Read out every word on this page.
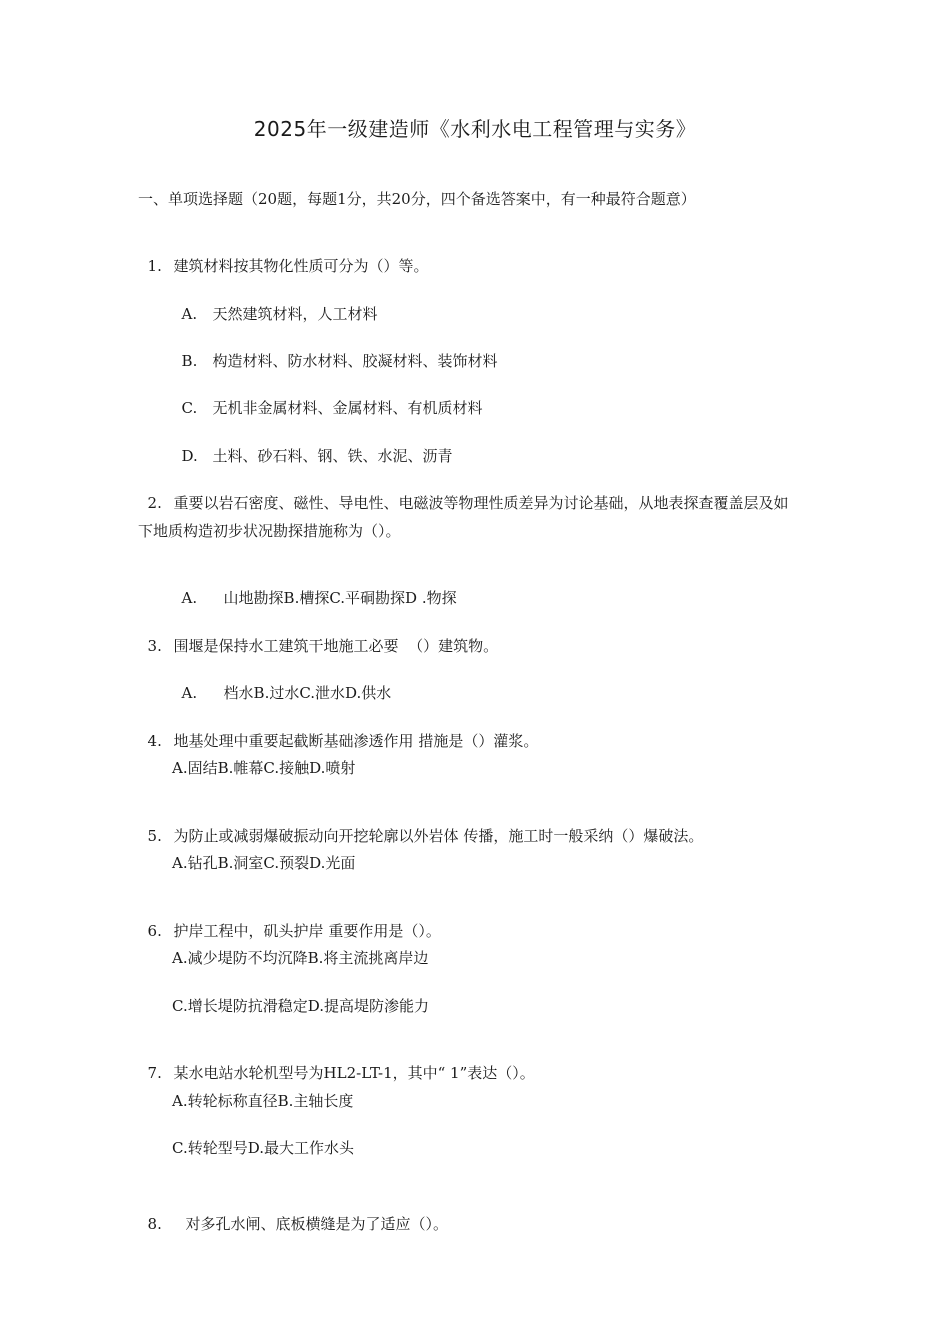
2025年一级建造师《水利水电工程管理与实务》
一、单项选择题（20题，每题1分，共20分，四个备选答案中，有一种最符合题意）

1. 建筑材料按其物化性质可分为（）等。

A. 天然建筑材料，人工材料

B. 构造材料、防水材料、胶凝材料、装饰材料

C. 无机非金属材料、金属材料、有机质材料

D. 土料、砂石料、钢、铁、水泥、沥青

2. 重要以岩石密度、磁性、导电性、电磁波等物理性质差异为讨论基础，从地表探查覆盖层及如

下地质构造初步状况勘探措施称为（）。

A. 山地勘探B.槽探C.平硐勘探D .物探

3. 围堰是保持水工建筑干地施工必要  （）建筑物。

A. 档水B.过水C.泄水D.供水

4. 地基处理中重要起截断基础渗透作用 措施是（）灌浆。

A.固结B.帷幕C.接触D.喷射

5. 为防止或减弱爆破振动向开挖轮廓以外岩体 传播，施工时一般采纳（）爆破法。

A.钻孔B.洞室C.预裂D.光面

6. 护岸工程中，矶头护岸 重要作用是（）。

A.减少堤防不均沉降B.将主流挑离岸边
C.增长堤防抗滑稳定D.提高堤防渗能力

7. 某水电站水轮机型号为HL2-LT-1，其中“ 1”表达（）。

A.转轮标称直径B.主轴长度
C.转轮型号D.最大工作水头

8. 对多孔水闸、底板横缝是为了适应（）。
